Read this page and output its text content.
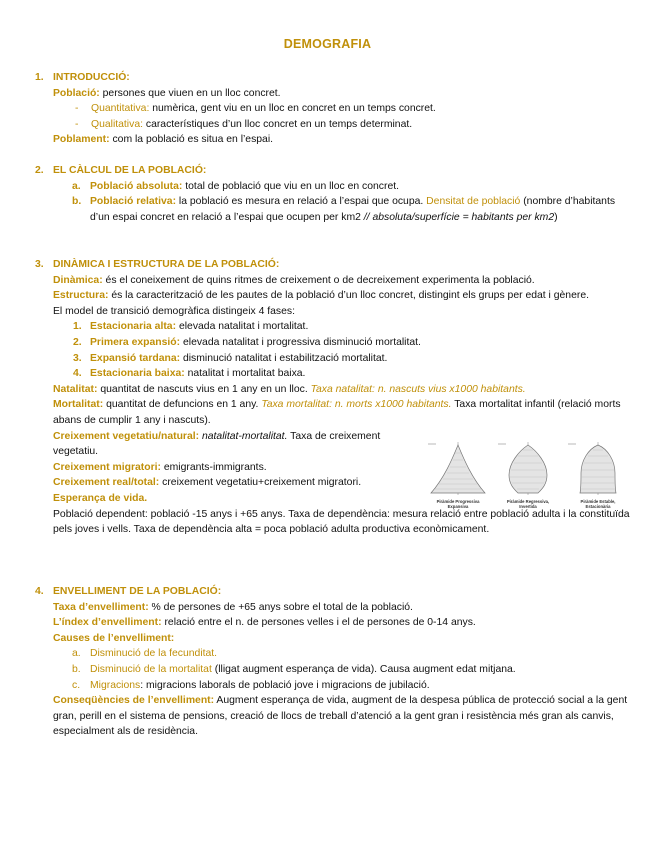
DEMOGRAFIA
1. INTRODUCCIÓ:
Població: persones que viuen en un lloc concret.
- Quantitativa: numèrica, gent viu en un lloc en concret en un temps concret.
- Qualitativa: característiques d’un lloc concret en un temps determinat.
Poblament: com la població es situa en l’espai.
2. EL CÀLCUL DE LA POBLACIÓ:
a. Població absoluta: total de població que viu en un lloc en concret.
b. Població relativa: la població es mesura en relació a l’espai que ocupa. Densitat de població (nombre d’habitants d’un espai concret en relació a l’espai que ocupen per km2 // absoluta/superfície = habitants per km2)
3. DINÀMICA I ESTRUCTURA DE LA POBLACIÓ:
Dinàmica: és el coneixement de quins ritmes de creixement o de decreixement experimenta la població.
Estructura: és la caracterització de les pautes de la població d’un lloc concret, distingint els grups per edat i gènere.
El model de transició demogràfica distingeix 4 fases:
1. Estacionaria alta: elevada natalitat i mortalitat.
2. Primera expansió: elevada natalitat i progressiva disminució mortalitat.
3. Expansió tardana: disminució natalitat i estabilització mortalitat.
4. Estacionaria baixa: natalitat i mortalitat baixa.
Natalitat: quantitat de nascuts vius en 1 any en un lloc. Taxa natalitat: n. nascuts vius x1000 habitants.
Mortalitat: quantitat de defuncions en 1 any. Taxa mortalitat: n. morts x1000 habitants. Taxa mortalitat infantil (relació morts abans de cumplir 1 any i nascuts).
Creixement vegetatiu/natural: natalitat-mortalitat. Taxa de creixement vegetatiu.
Creixement migratori: emigrants-immigrants.
Creixement real/total: creixement vegetatiu+creixement migratori.
Esperança de vida.
Població dependent: població -15 anys i +65 anys. Taxa de dependència: mesura relació entre població adulta i la constituïda pels joves i vells. Taxa de dependència alta = poca població adulta productiva econòmicament.
Piràmide Progressiva
Expansiva
Piràmide Regressiva,
Invertida
Piràmide Estable,
Estacionària
4. ENVELLIMENT DE LA POBLACIÓ:
Taxa d’envelliment: % de persones de +65 anys sobre el total de la població.
L’índex d’envelliment: relació entre el n. de persones velles i el de persones de 0-14 anys.
Causes de l’envelliment:
a. Disminució de la fecunditat.
b. Disminució de la mortalitat (lligat augment esperança de vida). Causa augment edat mitjana.
c. Migracions: migracions laborals de població jove i migracions de jubilació.
Conseqüències de l’envelliment: Augment esperança de vida, augment de la despesa pública de protecció social a la gent gran, perill en el sistema de pensions, creació de llocs de treball d’atenció a la gent gran i resistència més gran als canvis, especialment als de residència.
